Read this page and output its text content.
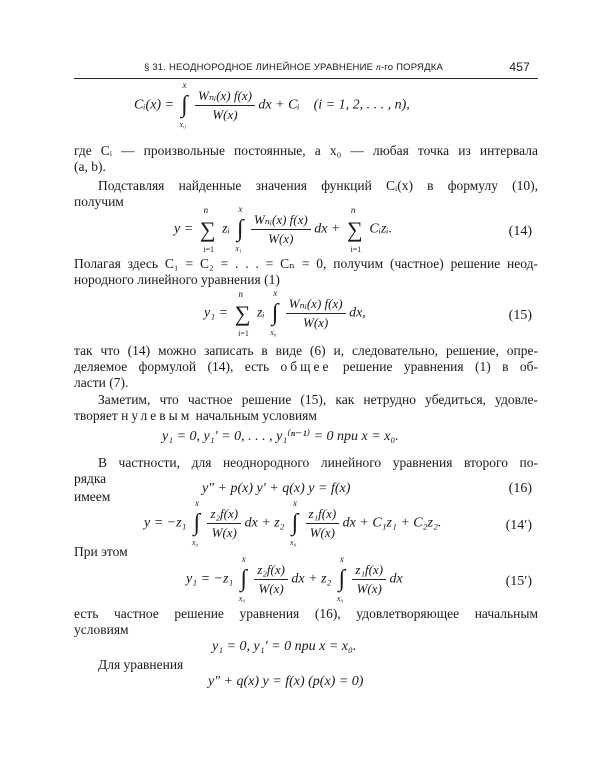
§ 31. НЕОДНОРОДНОЕ ЛИНЕЙНОЕ УРАВНЕНИЕ n-го ПОРЯДКА	457
Cᵢ(x) = ∫
x
x₀

$\frac{\text{Wₙᵢ(x) f(x)}}{W(x)}$ dx + Cᵢ (i = 1, 2, . . . , n),
где Cᵢ — произвольные постоянные, а x₀ — любая точка из интервала
(a, b).
Подставляя найденные значения функций Cᵢ(x) в формулу (10),
получим
y = ∑
n
i=1
zᵢ ∫
x
x₁

$\frac{\text{Wₙᵢ(x) f(x)}}{W(x)}$ dx + ∑
n
i=1
Cᵢzᵢ.	(14)
Полагая здесь C₁ = C₂ = . . . = Cₙ = 0, получим (частное) решение неод-
нородного линейного уравнения (1)
y₁ = ∑
n
i=1
zᵢ ∫
x
x₀

$\frac{\text{Wₙᵢ(x) f(x)}}{W(x)}$ dx,	(15)
так что (14) можно записать в виде (6) и, следовательно, решение, опре-
деляемое формулой (14), есть общее решение уравнения (1) в об-
ласти (7).
Заметим, что частное решение (15), как нетрудно убедиться, удовле-
творяет нулевым начальным условиям
y₁ = 0, y₁′ = 0, . . . , y₁⁽ⁿ⁻¹⁾ = 0 при x = x₀.
В частности, для неоднородного линейного уравнения второго по-
рядка
y″ + p(x) y′ + q(x) y = f(x)	(16)
имеем
y = −z₁ ∫
x
x₀

$\frac{\text{z₂f(x)}}{W(x)}$ dx + z₂ ∫
x
x₀

$\frac{\text{z₁f(x)}}{W(x)}$ dx + C₁z₁ + C₂z₂.	(14′)
При этом
y₁ = −z₁ ∫
x
x₀

$\frac{\text{z₂f(x)}}{W(x)}$ dx + z₂ ∫
x
x₀

$\frac{\text{z₁f(x)}}{W(x)}$ dx	(15′)
есть частное решение уравнения (16), удовлетворяющее начальным
условиям
y₁ = 0, y₁′ = 0 при x = x₀.
Для уравнения
y″ + q(x) y = f(x) (p(x) = 0)
